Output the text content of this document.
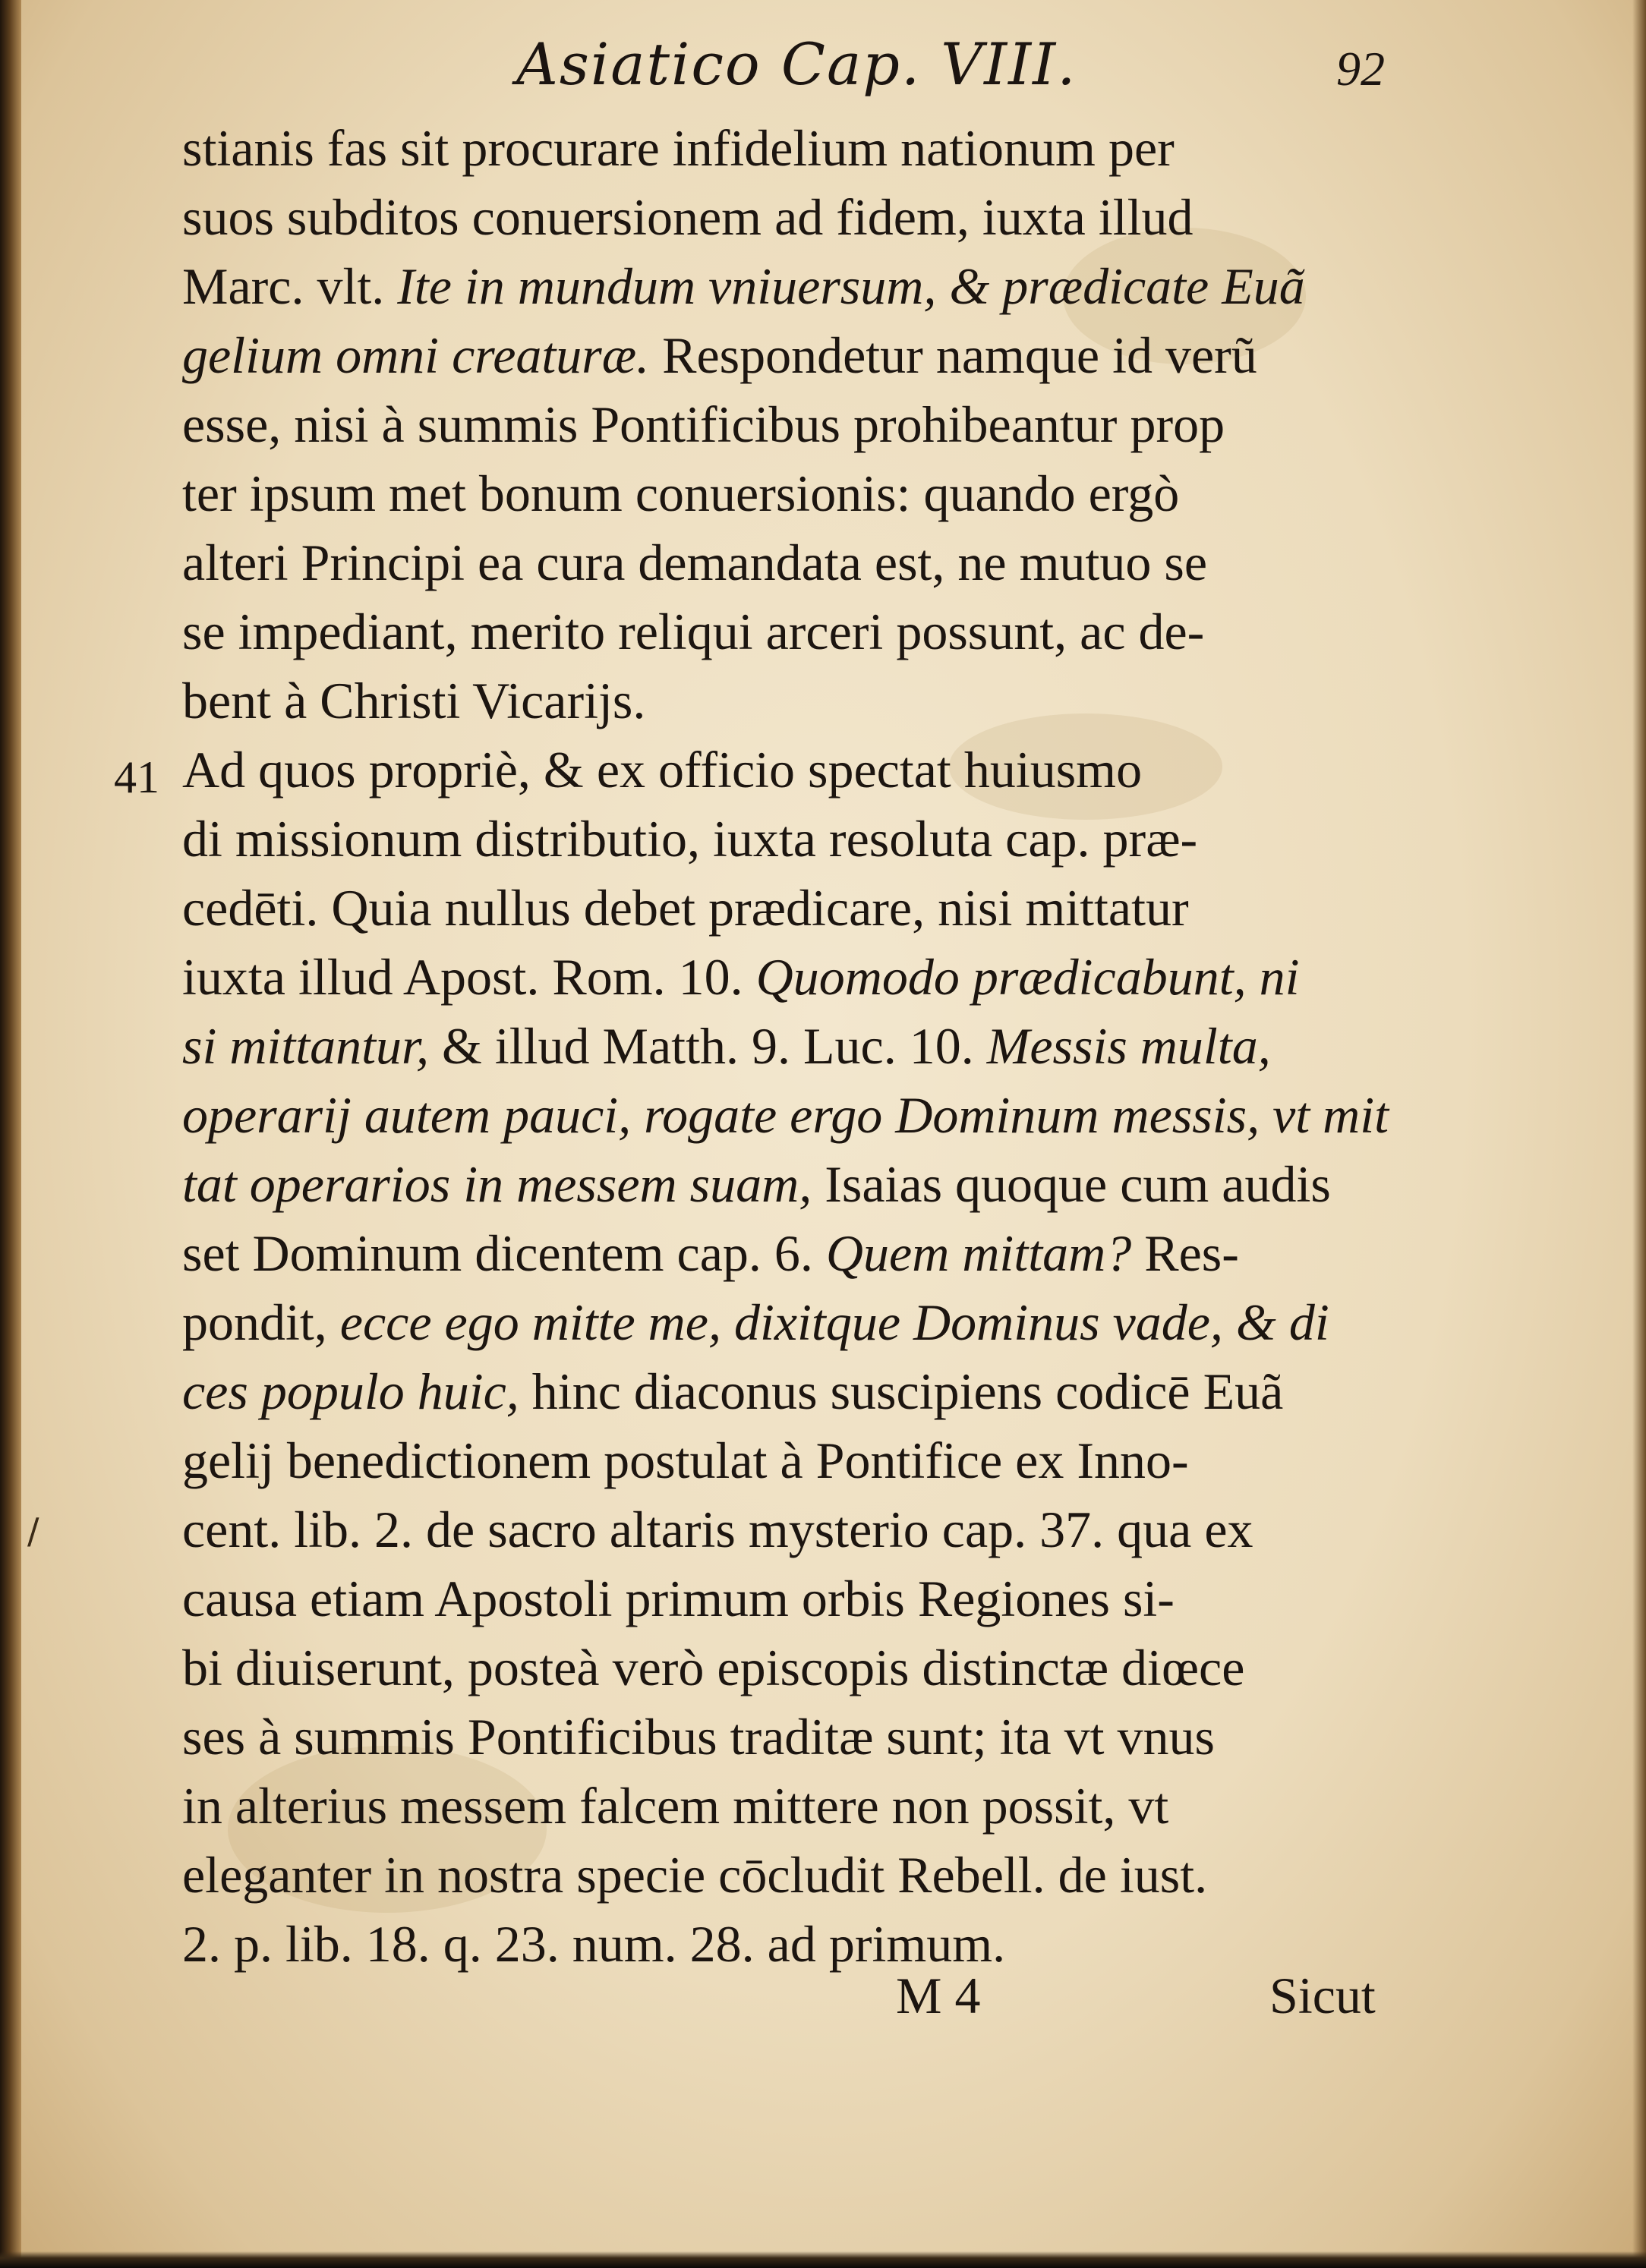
Asiatico Cap. VIII.	92
41
/
stianis fas sit procurare infidelium nationum per
suos subditos conuersionem ad fidem, iuxta illud
Marc. vlt. Ite in mundum vniuersum, & prædicate Euã
gelium omni creaturæ. Respondetur namque id verũ
esse, nisi à summis Pontificibus prohibeantur prop
ter ipsum met bonum conuersionis: quando ergò
alteri Principi ea cura demandata est, ne mutuo se
se impediant, merito reliqui arceri possunt, ac de-
bent à Christi Vicarijs.
Ad quos propriè, & ex officio spectat huiusmo
di missionum distributio, iuxta resoluta cap. præ-
cedēti. Quia nullus debet prædicare, nisi mittatur
iuxta illud Apost. Rom. 10. Quomodo prædicabunt, ni
si mittantur, & illud Matth. 9. Luc. 10. Messis multa,
operarij autem pauci, rogate ergo Dominum messis, vt mit
tat operarios in messem suam, Isaias quoque cum audis
set Dominum dicentem cap. 6. Quem mittam? Res-
pondit, ecce ego mitte me, dixitque Dominus vade, & di
ces populo huic, hinc diaconus suscipiens codicē Euã
gelij benedictionem postulat à Pontifice ex Inno-
cent. lib. 2. de sacro altaris mysterio cap. 37. qua ex
causa etiam Apostoli primum orbis Regiones si-
bi diuiserunt, posteà verò episcopis distinctæ diœce
ses à summis Pontificibus traditæ sunt; ita vt vnus
in alterius messem falcem mittere non possit, vt
eleganter in nostra specie cōcludit Rebell. de iust.
2. p. lib. 18. q. 23. num. 28. ad primum.
M 4	Sicut
